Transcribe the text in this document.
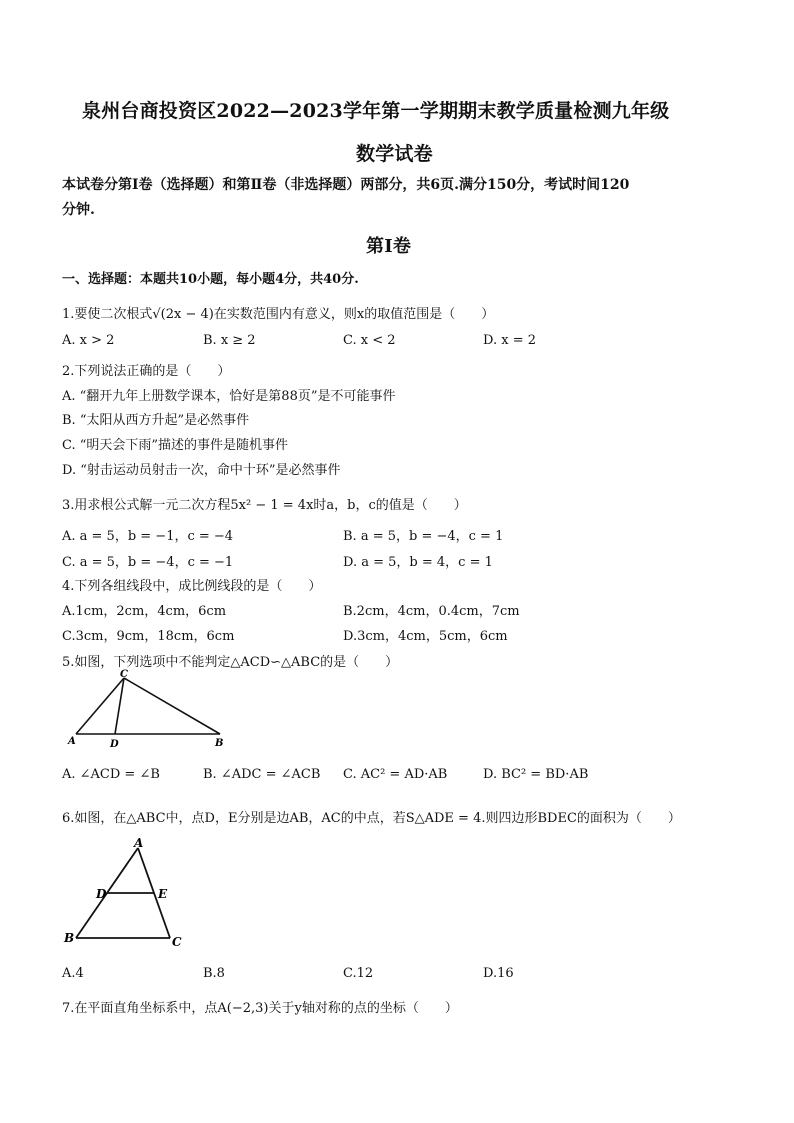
泉州台商投资区2022—2023学年第一学期期末教学质量检测九年级
数学试卷
本试卷分第Ⅰ卷（选择题）和第Ⅱ卷（非选择题）两部分，共6页.满分150分，考试时间120
分钟.
第Ⅰ卷
一、选择题：本题共10小题，每小题4分，共40分.
1.要使二次根式√(2x − 4)在实数范围内有意义，则x的取值范围是（　　）
A. x > 2	B. x ≥ 2	C. x < 2	D. x = 2
2.下列说法正确的是（　　）
A. “翻开九年上册数学课本，恰好是第88页”是不可能事件
B. “太阳从西方升起”是必然事件
C. “明天会下雨”描述的事件是随机事件
D. “射击运动员射击一次，命中十环”是必然事件
3.用求根公式解一元二次方程5x² − 1 = 4x时a，b，c的值是（　　）
A. a = 5，b = −1，c = −4	B. a = 5，b = −4，c = 1
C. a = 5，b = −4，c = −1	D. a = 5，b = 4，c = 1
4.下列各组线段中，成比例线段的是（　　）
A.1cm，2cm，4cm，6cm	B.2cm，4cm，0.4cm，7cm
C.3cm，9cm，18cm，6cm	D.3cm，4cm，5cm，6cm
5.如图，下列选项中不能判定△ACD∽△ABC的是（　　）
C
A	D	B
A. ∠ACD = ∠B	B. ∠ADC = ∠ACB C. AC² = AD·AB	D. BC² = BD·AB
6.如图，在△ABC中，点D，E分别是边AB，AC的中点，若S△ADE = 4.则四边形BDEC的面积为（　　）
A
D	E
B	C
A.4	B.8	C.12	D.16
7.在平面直角坐标系中，点A(−2,3)关于y轴对称的点的坐标（　　）
